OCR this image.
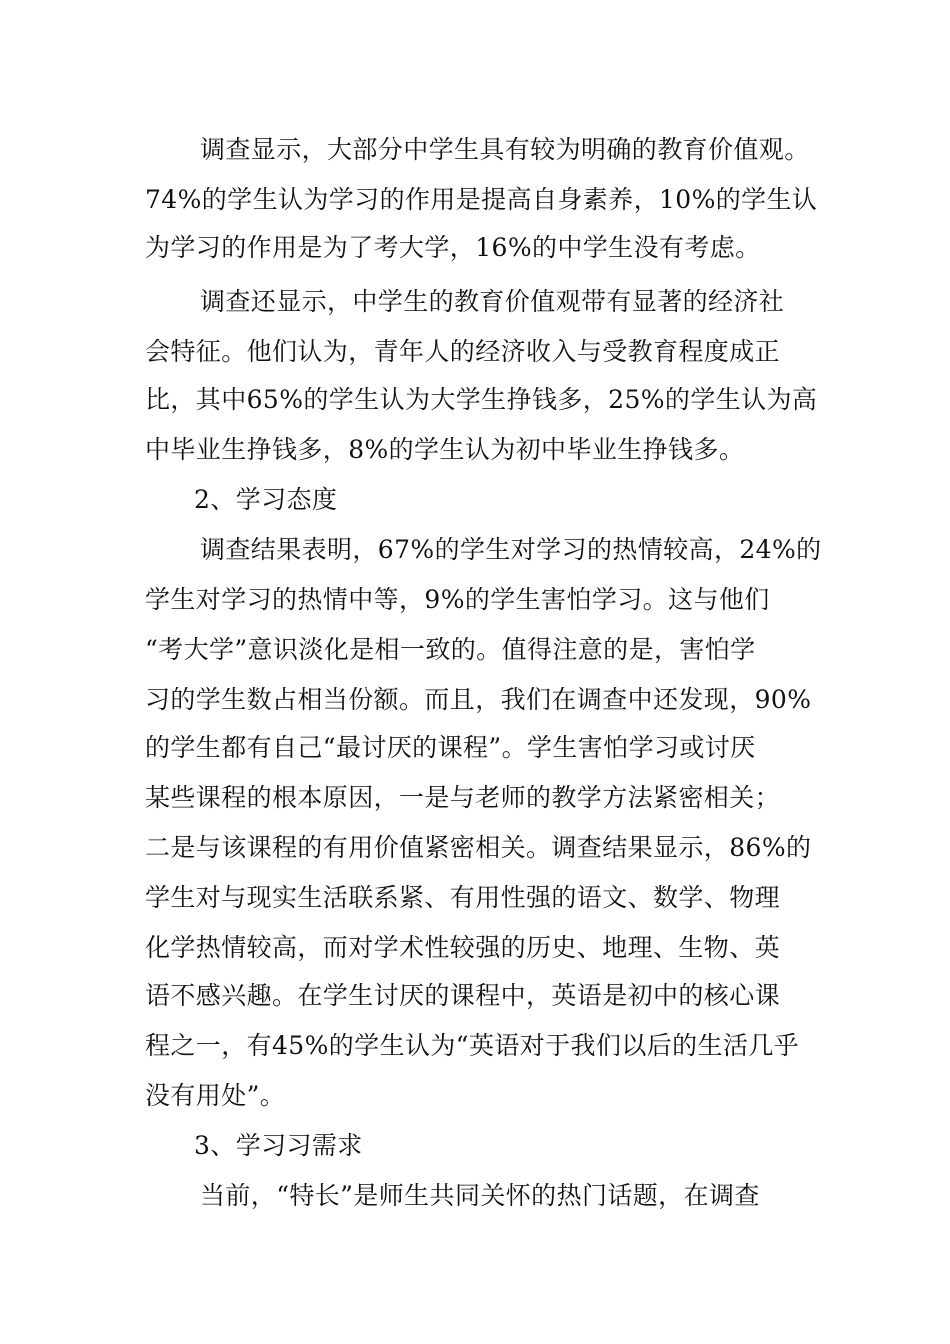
调查显示，大部分中学生具有较为明确的教育价值观。
74%的学生认为学习的作用是提高自身素养，10%的学生认
为学习的作用是为了考大学，16%的中学生没有考虑。
调查还显示，中学生的教育价值观带有显著的经济社
会特征。他们认为，青年人的经济收入与受教育程度成正
比，其中65%的学生认为大学生挣钱多，25%的学生认为高
中毕业生挣钱多，8%的学生认为初中毕业生挣钱多。
2、学习态度
调查结果表明，67%的学生对学习的热情较高，24%的
学生对学习的热情中等，9%的学生害怕学习。这与他们
“考大学”意识淡化是相一致的。值得注意的是，害怕学
习的学生数占相当份额。而且，我们在调查中还发现，90%
的学生都有自己“最讨厌的课程”。学生害怕学习或讨厌
某些课程的根本原因，一是与老师的教学方法紧密相关；
二是与该课程的有用价值紧密相关。调查结果显示，86%的
学生对与现实生活联系紧、有用性强的语文、数学、物理
化学热情较高，而对学术性较强的历史、地理、生物、英
语不感兴趣。在学生讨厌的课程中，英语是初中的核心课
程之一，有45%的学生认为“英语对于我们以后的生活几乎
没有用处”。
3、学习习需求
当前，“特长”是师生共同关怀的热门话题，在调查
